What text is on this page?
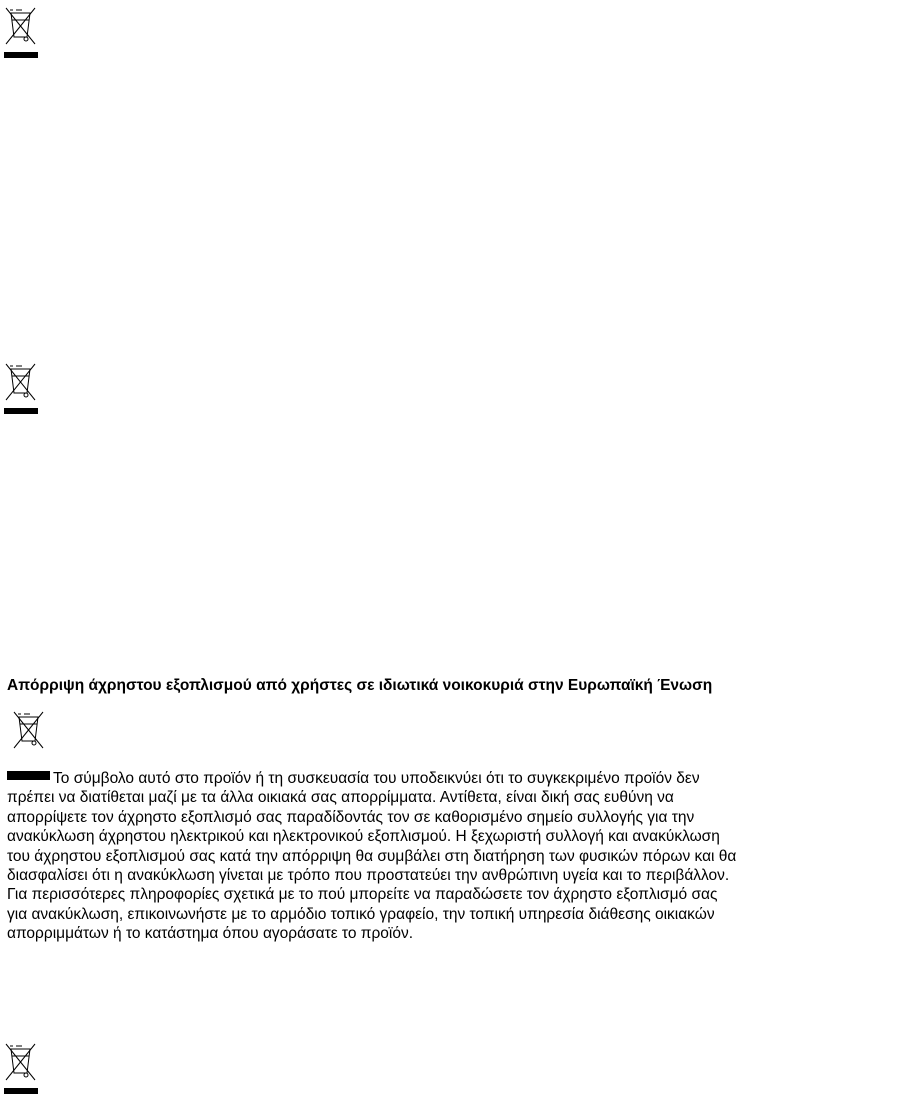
Απόρριψη άχρηστου εξοπλισμού από χρήστες σε ιδιωτικά νοικοκυριά στην Ευρωπαϊκή Ένωση
Το σύμβολο αυτό στο προϊόν ή τη συσκευασία του υποδεικνύει ότι το συγκεκριμένο προϊόν δεν
πρέπει να διατίθεται μαζί με τα άλλα οικιακά σας απορρίμματα. Αντίθετα, είναι δική σας ευθύνη να
απορρίψετε τον άχρηστο εξοπλισμό σας παραδίδοντάς τον σε καθορισμένο σημείο συλλογής για την
ανακύκλωση άχρηστου ηλεκτρικού και ηλεκτρονικού εξοπλισμού. Η ξεχωριστή συλλογή και ανακύκλωση
του άχρηστου εξοπλισμού σας κατά την απόρριψη θα συμβάλει στη διατήρηση των φυσικών πόρων και θα
διασφαλίσει ότι η ανακύκλωση γίνεται με τρόπο που προστατεύει την ανθρώπινη υγεία και το περιβάλλον.
Για περισσότερες πληροφορίες σχετικά με το πού μπορείτε να παραδώσετε τον άχρηστο εξοπλισμό σας
για ανακύκλωση, επικοινωνήστε με το αρμόδιο τοπικό γραφείο, την τοπική υπηρεσία διάθεσης οικιακών
απορριμμάτων ή το κατάστημα όπου αγοράσατε το προϊόν.
